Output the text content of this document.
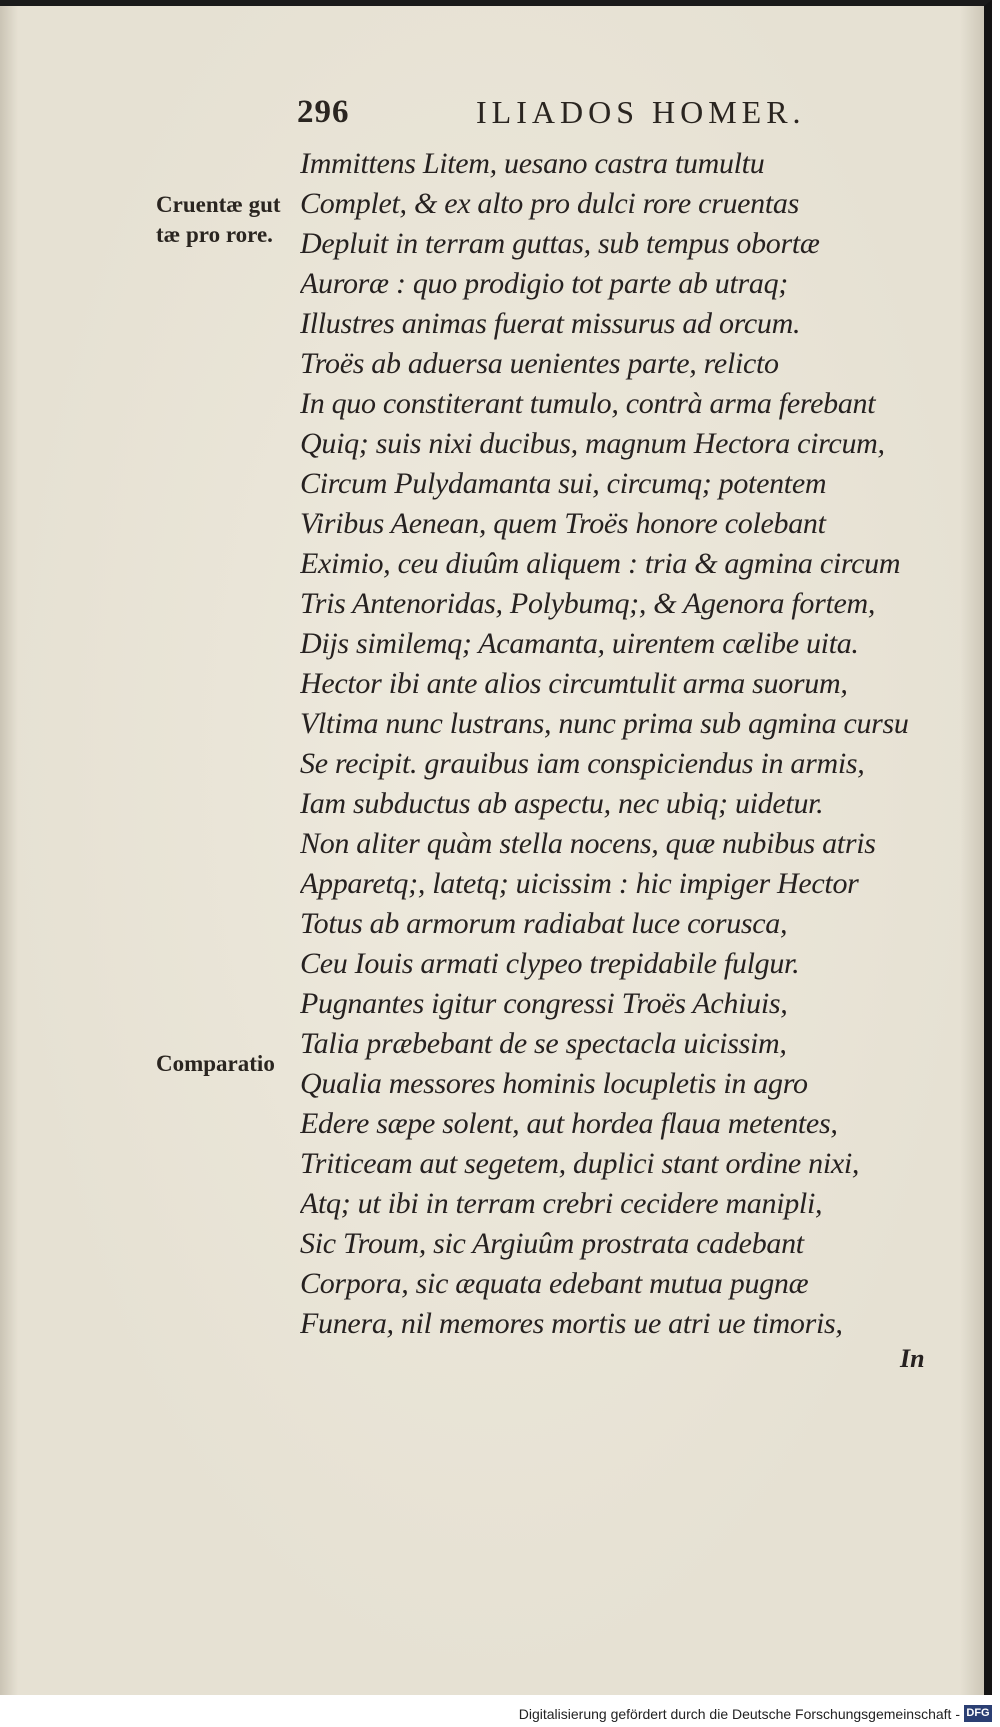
296	ILIADOS HOMER.
Cruentæ gut
tæ pro rore.
Comparatio
Immittens Litem, uesano castra tumultu
Complet, & ex alto pro dulci rore cruentas
Depluit in terram guttas, sub tempus obortæ
Auroræ : quo prodigio tot parte ab utraq;
Illustres animas fuerat missurus ad orcum.
Troës ab aduersa uenientes parte, relicto
In quo constiterant tumulo, contrà arma ferebant
Quiq; suis nixi ducibus, magnum Hectora circum,
Circum Pulydamanta sui, circumq; potentem
Viribus Aenean, quem Troës honore colebant
Eximio, ceu diuûm aliquem : tria & agmina circum
Tris Antenoridas, Polybumq;, & Agenora fortem,
Dijs similemq; Acamanta, uirentem cælibe uita.
Hector ibi ante alios circumtulit arma suorum,
Vltima nunc lustrans, nunc prima sub agmina cursu
Se recipit. grauibus iam conspiciendus in armis,
Iam subductus ab aspectu, nec ubiq; uidetur.
Non aliter quàm stella nocens, quæ nubibus atris
Apparetq;, latetq; uicissim : hic impiger Hector
Totus ab armorum radiabat luce corusca,
Ceu Iouis armati clypeo trepidabile fulgur.
Pugnantes igitur congressi Troës Achiuis,
Talia præbebant de se spectacla uicissim,
Qualia messores hominis locupletis in agro
Edere sæpe solent, aut hordea flaua metentes,
Triticeam aut segetem, duplici stant ordine nixi,
Atq; ut ibi in terram crebri cecidere manipli,
Sic Troum, sic Argiuûm prostrata cadebant
Corpora, sic æquata edebant mutua pugnæ
Funera, nil memores mortis ue atri ue timoris,
In
Digitalisierung gefördert durch die Deutsche Forschungsgemeinschaft - DFG
